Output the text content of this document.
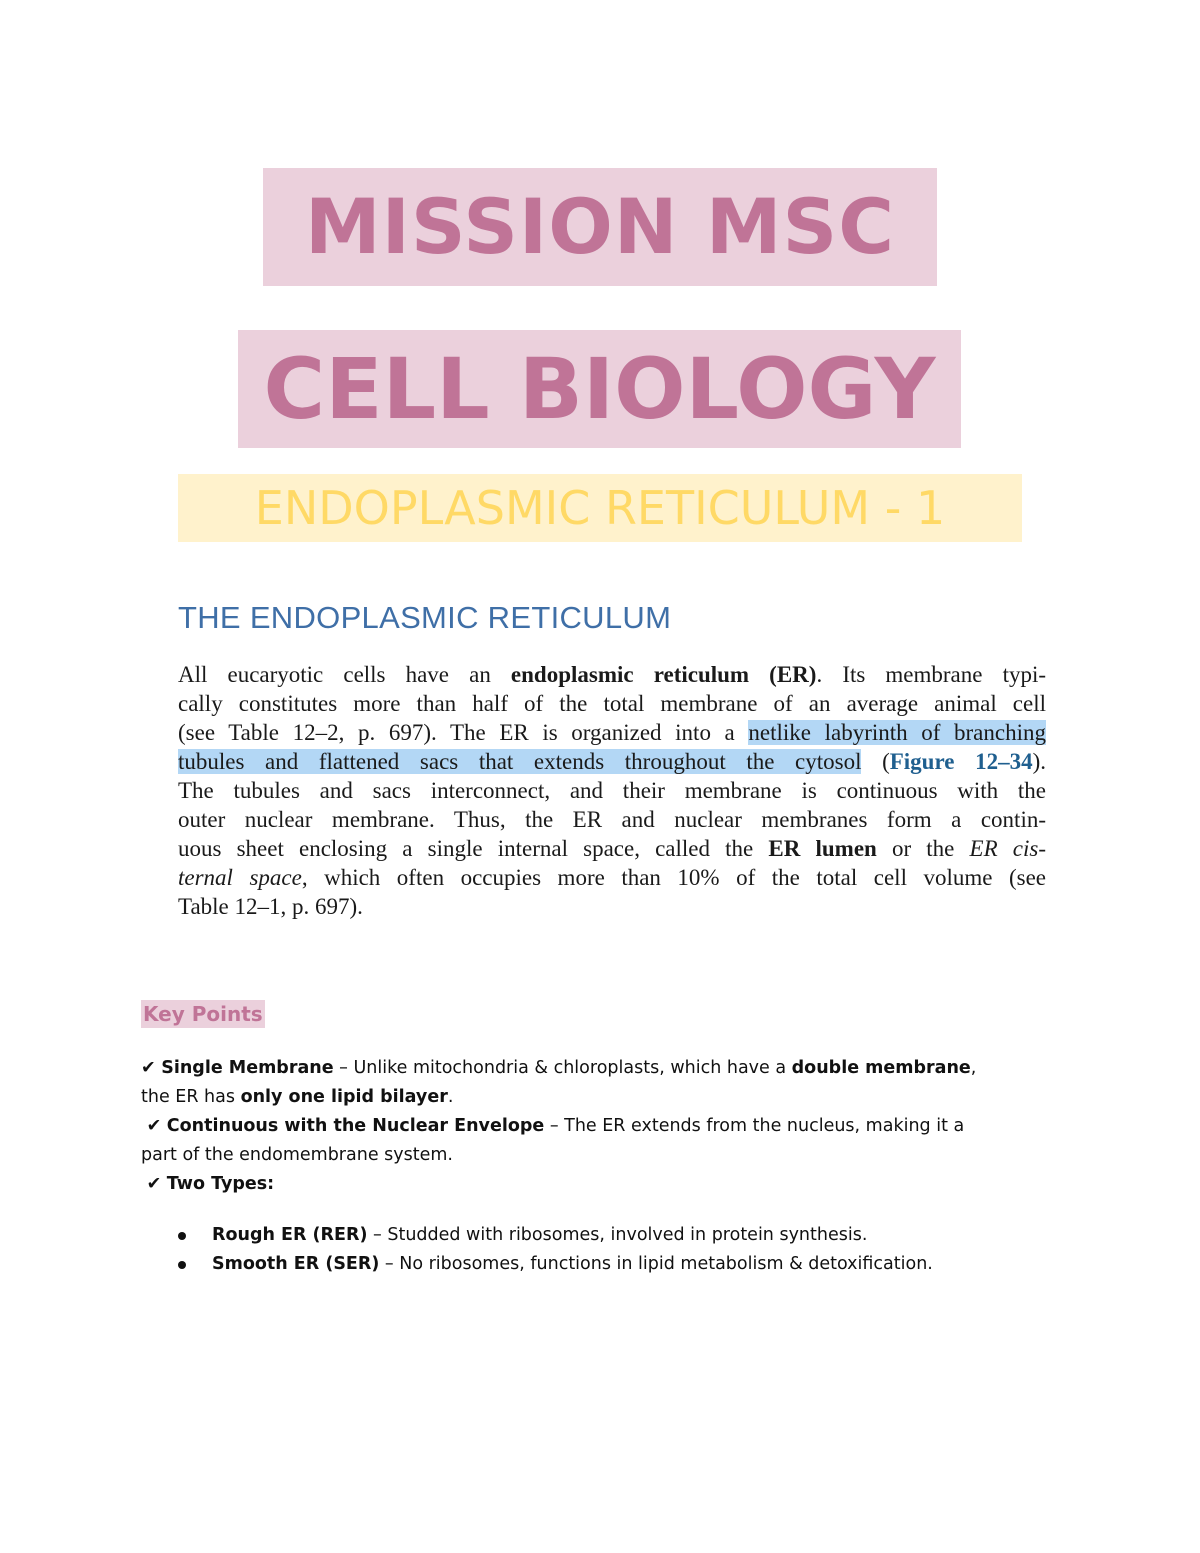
MISSION MSC
CELL BIOLOGY
ENDOPLASMIC RETICULUM - 1
THE ENDOPLASMIC RETICULUM
All eucaryotic cells have an endoplasmic reticulum (ER). Its membrane typi-
cally constitutes more than half of the total membrane of an average animal cell
(see Table 12–2, p. 697). The ER is organized into a netlike labyrinth of branching
tubules and flattened sacs that extends throughout the cytosol (Figure 12–34).
The tubules and sacs interconnect, and their membrane is continuous with the
outer nuclear membrane. Thus, the ER and nuclear membranes form a contin-
uous sheet enclosing a single internal space, called the ER lumen or the ER cis-
ternal space, which often occupies more than 10% of the total cell volume (see
Table 12–1, p. 697).
Key Points

✔ Single Membrane – Unlike mitochondria & chloroplasts, which have a double membrane,

the ER has only one lipid bilayer.

✔ Continuous with the Nuclear Envelope – The ER extends from the nucleus, making it a

part of the endomembrane system.

✔ Two Types:

Rough ER (RER) – Studded with ribosomes, involved in protein synthesis.
Smooth ER (SER) – No ribosomes, functions in lipid metabolism & detoxification.
